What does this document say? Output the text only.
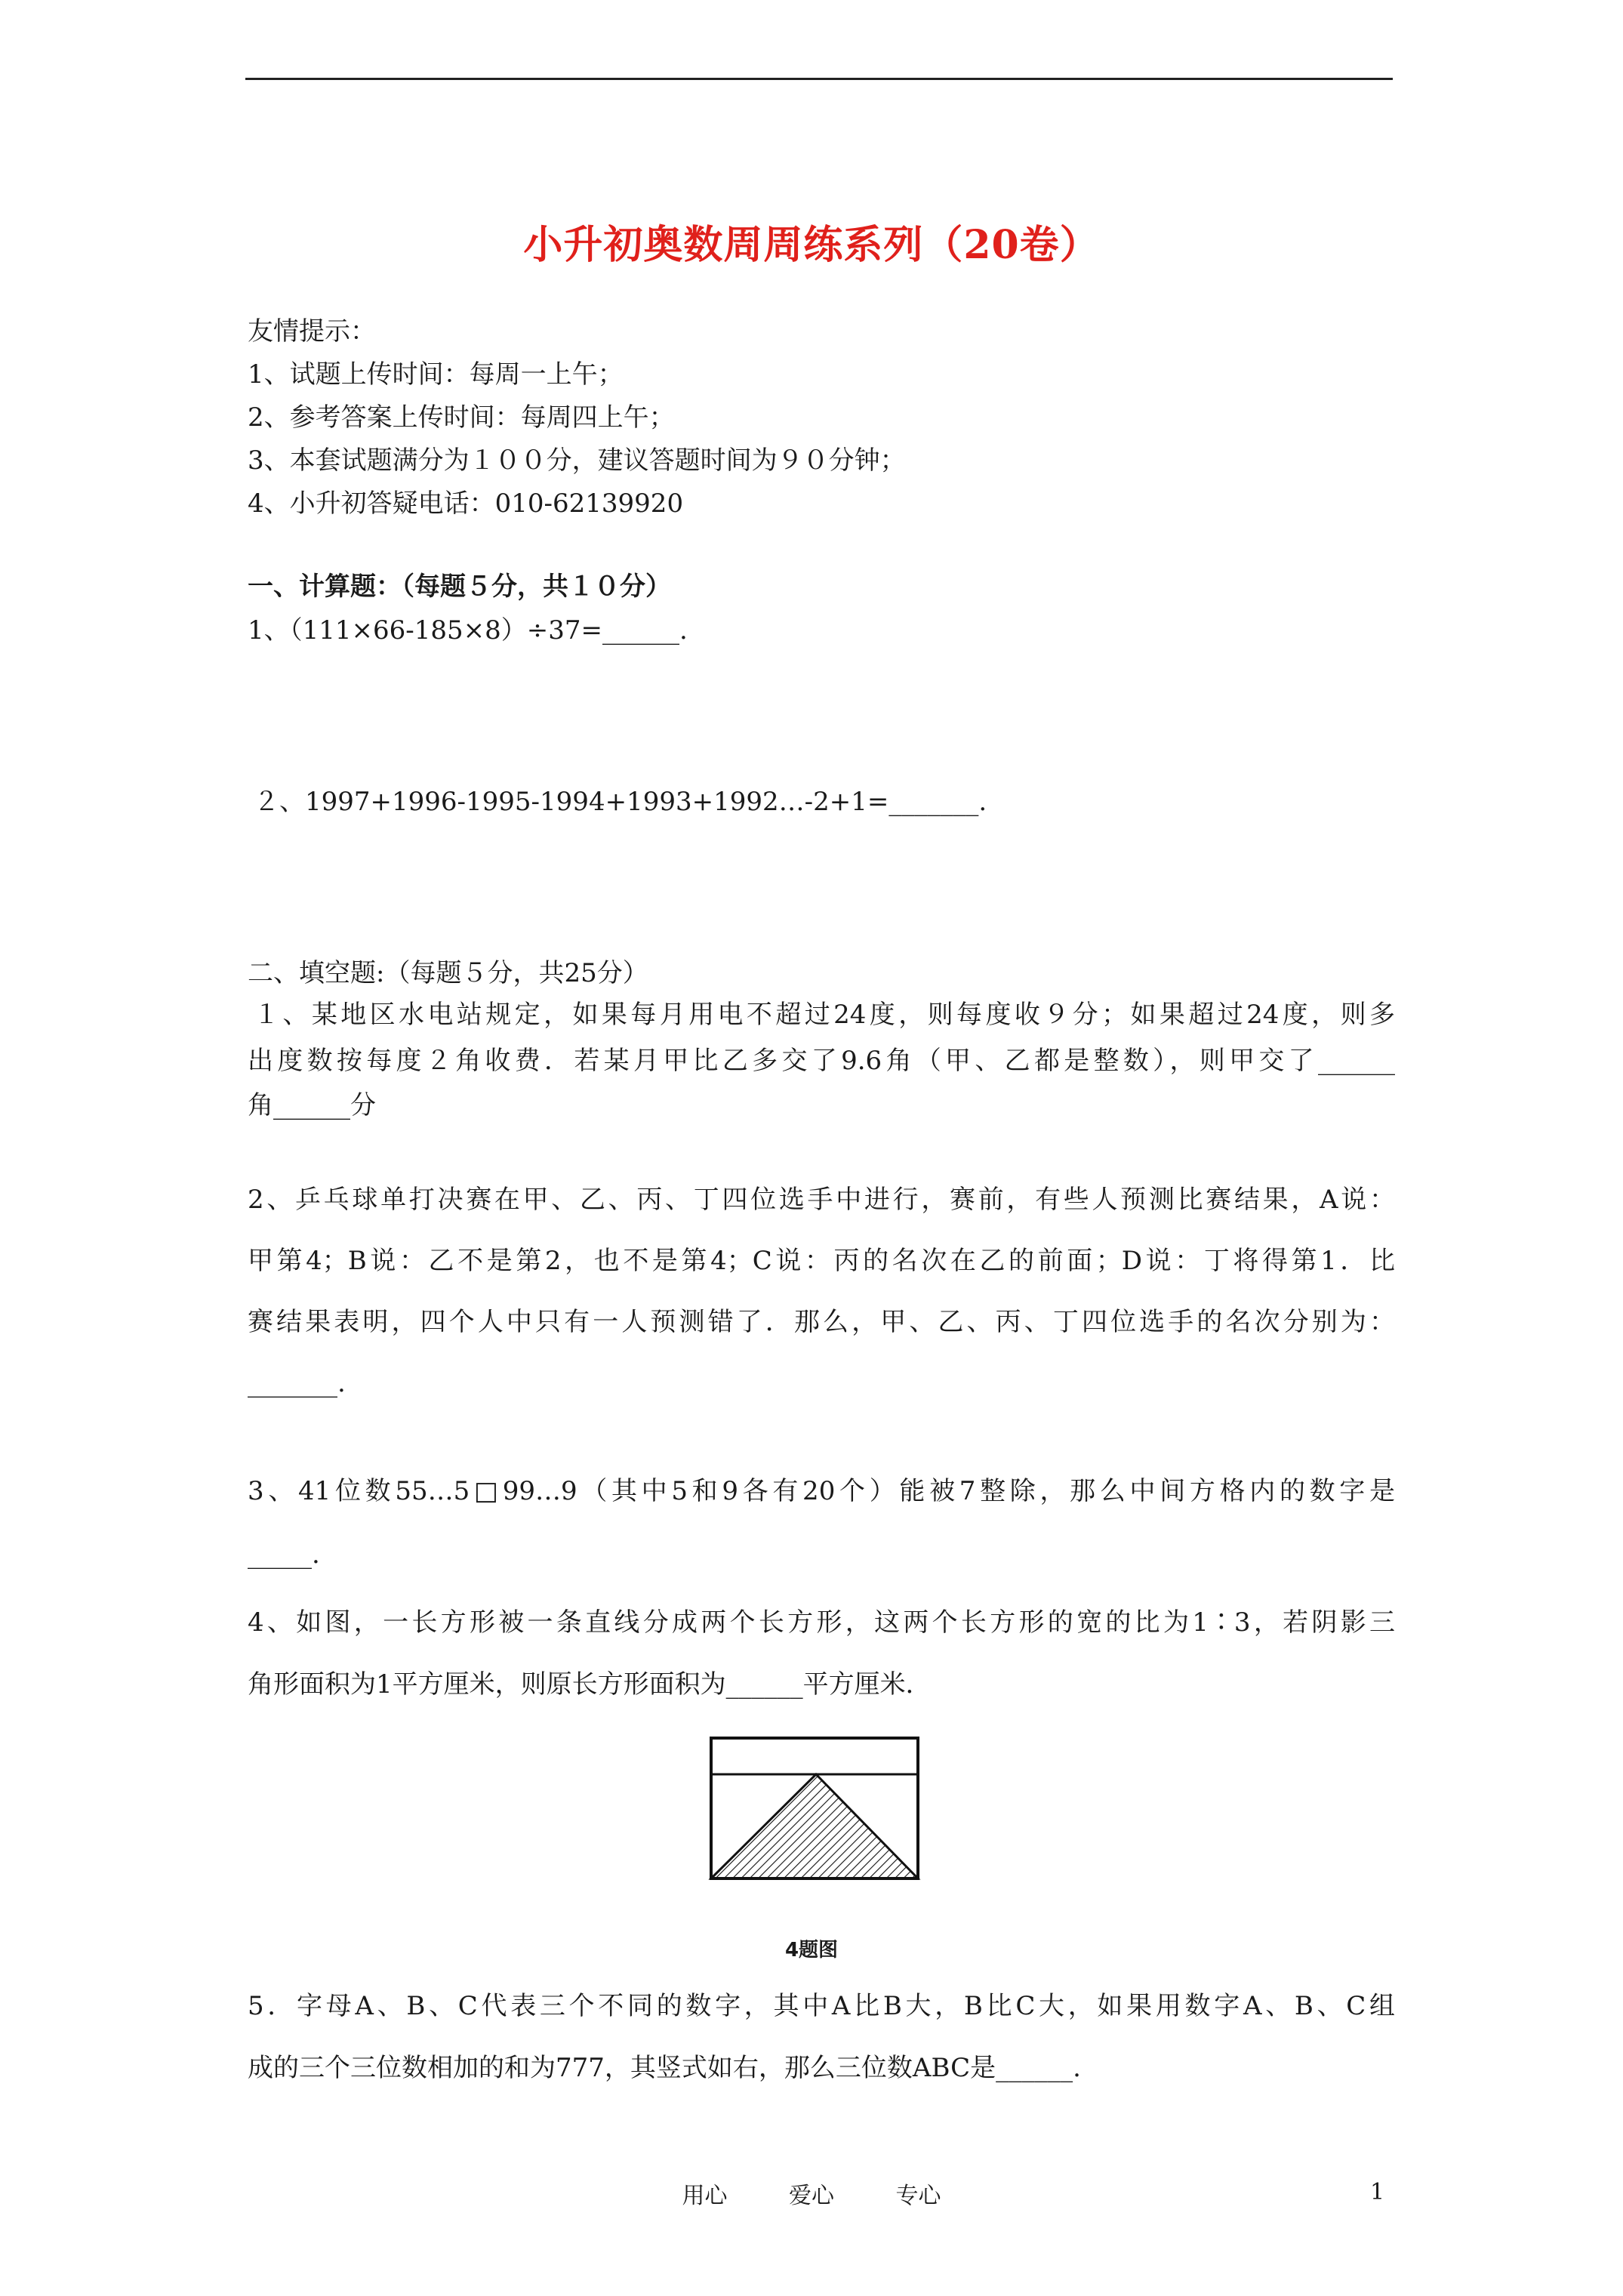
小升初奥数周周练系列（20卷）
友情提示：
1、试题上传时间：每周一上午；
2、参考答案上传时间：每周四上午；
3、本套试题满分为１００分，建议答题时间为９０分钟；
4、小升初答疑电话：010-62139920
一、计算题：（每题５分，共１０分）
1、（111×66-185×8）÷37=______.
２、1997+1996-1995-1994+1993+1992…-2+1=_______.
二、填空题:（每题５分，共25分）
１、某地区水电站规定，如果每月用电不超过24度，则每度收９分；如果超过24度，则多
出度数按每度２角收费．若某月甲比乙多交了9.6角（甲、乙都是整数），则甲交了______
角______分
2、乒乓球单打决赛在甲、乙、丙、丁四位选手中进行，赛前，有些人预测比赛结果，A说：
甲第4；B说：乙不是第2，也不是第4；C说：丙的名次在乙的前面；D说：丁将得第1．比
赛结果表明，四个人中只有一人预测错了．那么，甲、乙、丙、丁四位选手的名次分别为：
_______.
3、41位数55…5□99…9（其中5和9各有20个）能被7整除，那么中间方格内的数字是
_____.
4、如图，一长方形被一条直线分成两个长方形，这两个长方形的宽的比为1∶3，若阴影三
角形面积为1平方厘米，则原长方形面积为______平方厘米．
4题图
5．字母A、B、C代表三个不同的数字，其中A比B大，B比C大，如果用数字A、B、C组
成的三个三位数相加的和为777，其竖式如右，那么三位数ABC是______.
用心	爱心	专心	1
